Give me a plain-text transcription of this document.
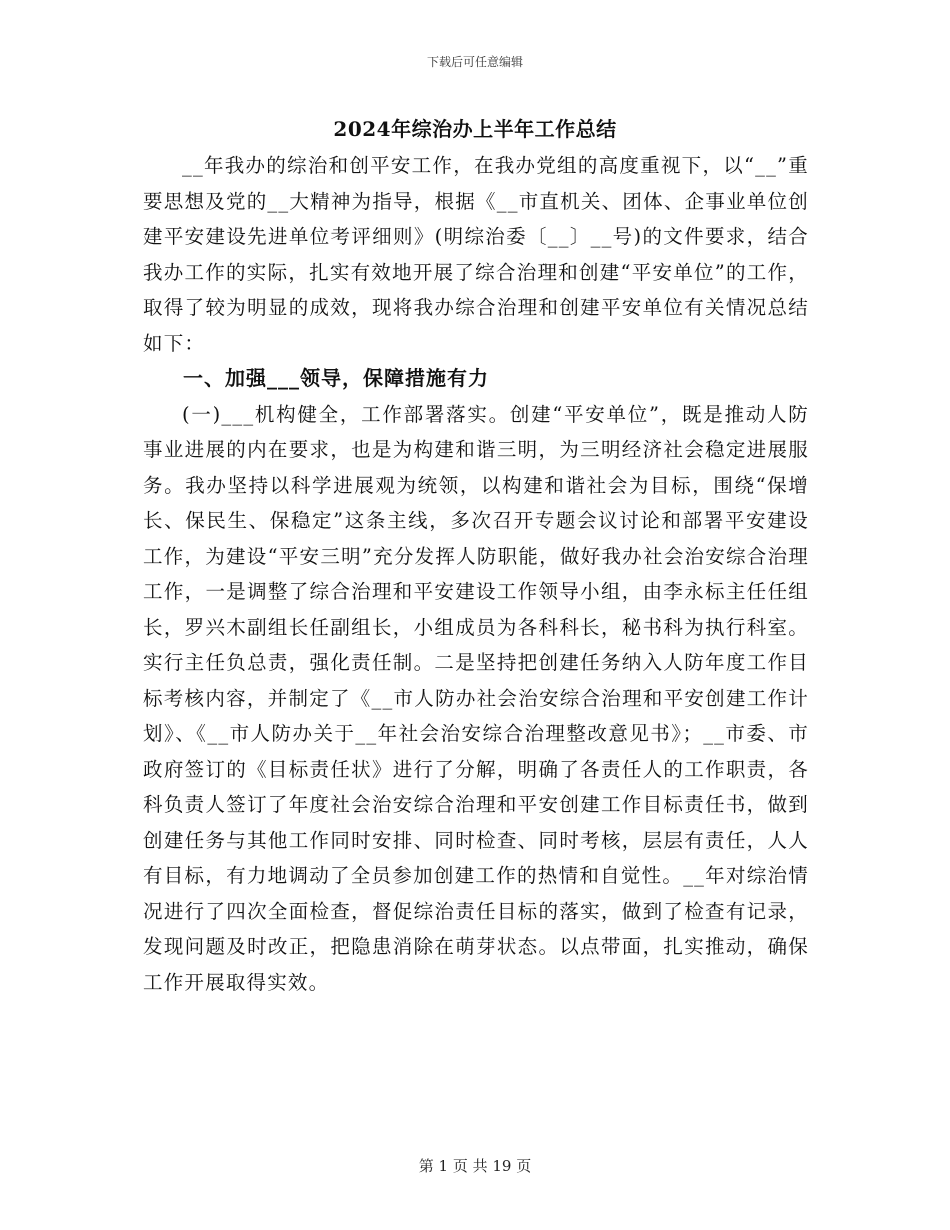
下载后可任意编辑
2024年综治办上半年工作总结

__年我办的综治和创平安工作，在我办党组的高度重视下，以“__”重要思想及党的__大精神为指导，根据《__市直机关、团体、企事业单位创建平安建设先进单位考评细则》(明综治委〔__〕__号)的文件要求，结合我办工作的实际，扎实有效地开展了综合治理和创建“平安单位”的工作，取得了较为明显的成效，现将我办综合治理和创建平安单位有关情况总结如下：

一、加强___领导，保障措施有力

(一)___机构健全，工作部署落实。创建“平安单位”，既是推动人防事业进展的内在要求，也是为构建和谐三明，为三明经济社会稳定进展服务。我办坚持以科学进展观为统领，以构建和谐社会为目标，围绕“保增长、保民生、保稳定”这条主线，多次召开专题会议讨论和部署平安建设工作，为建设“平安三明”充分发挥人防职能，做好我办社会治安综合治理工作，一是调整了综合治理和平安建设工作领导小组，由李永标主任任组长，罗兴木副组长任副组长，小组成员为各科科长，秘书科为执行科室。实行主任负总责，强化责任制。二是坚持把创建任务纳入人防年度工作目标考核内容，并制定了《__市人防办社会治安综合治理和平安创建工作计划》、《__市人防办关于__年社会治安综合治理整改意见书》；__市委、市政府签订的《目标责任状》进行了分解，明确了各责任人的工作职责，各科负责人签订了年度社会治安综合治理和平安创建工作目标责任书，做到创建任务与其他工作同时安排、同时检查、同时考核，层层有责任，人人有目标，有力地调动了全员参加创建工作的热情和自觉性。__年对综治情况进行了四次全面检查，督促综治责任目标的落实，做到了检查有记录，发现问题及时改正，把隐患消除在萌芽状态。以点带面，扎实推动，确保工作开展取得实效。

第 1 页 共 19 页
